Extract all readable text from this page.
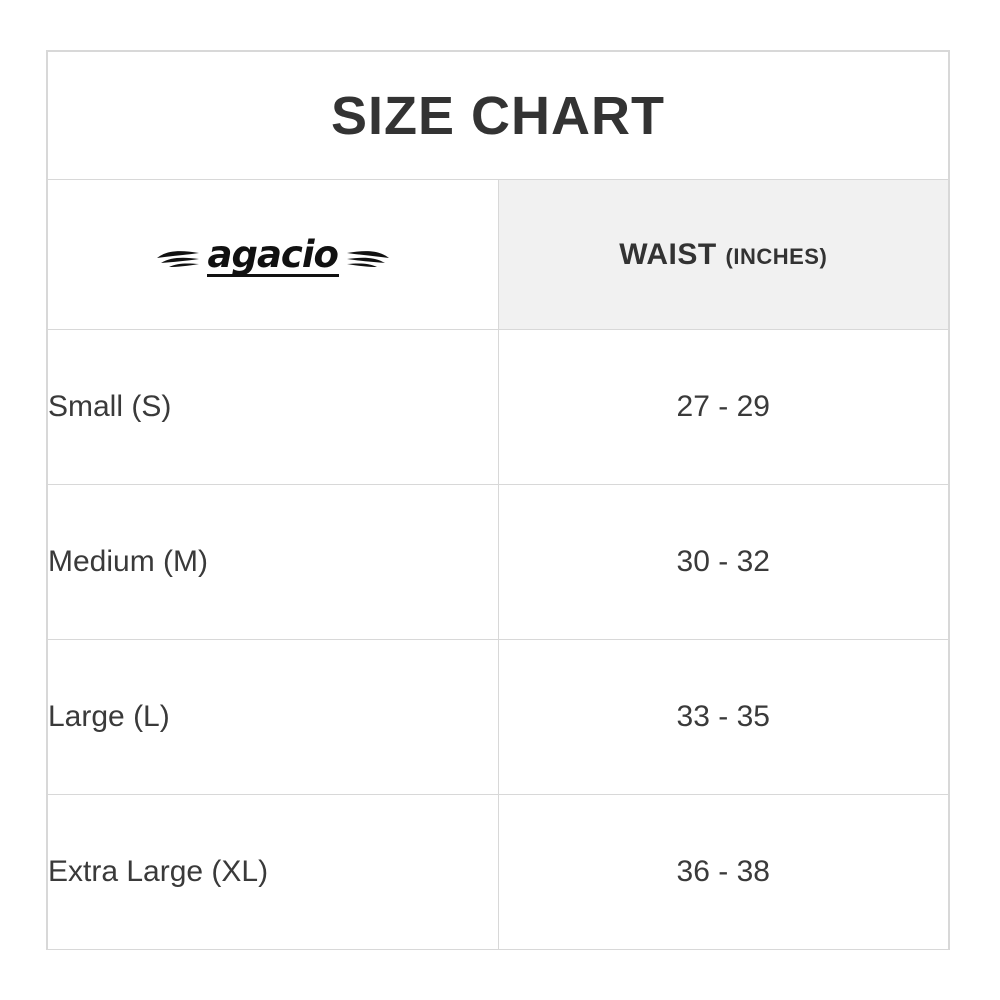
SIZE CHART	

agacio	WAIST (INCHES)
Small (S)	27 - 29
Medium (M)	30 - 32
Large (L)	33 - 35
Extra Large (XL)	36 - 38
